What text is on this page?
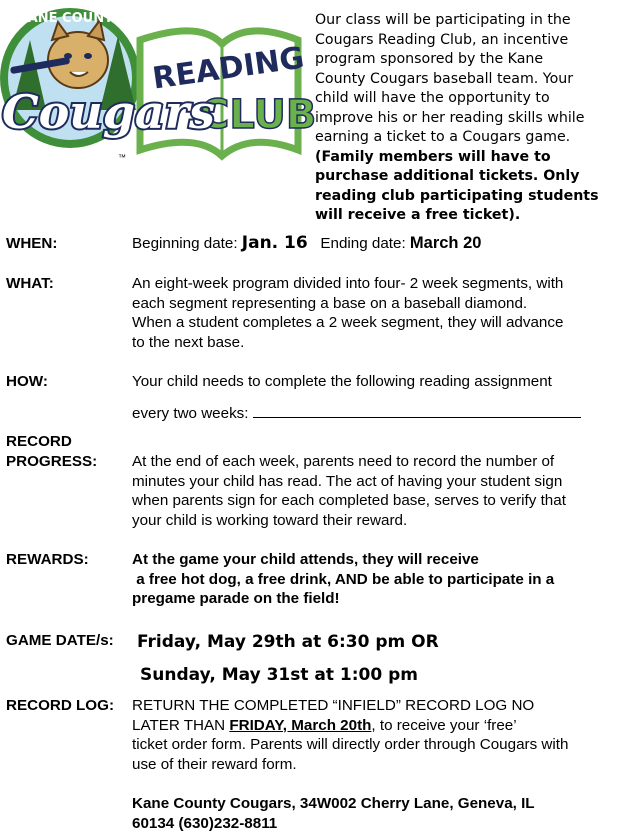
KANE COUNTY
READING
CLUB
Cougars
™
Our class will be participating in the
Cougars Reading Club, an incentive
program sponsored by the Kane
County Cougars baseball team. Your
child will have the opportunity to
improve his or her reading skills while
earning a ticket to a Cougars game.
(Family members will have to
purchase additional tickets. Only
reading club participating students
will receive a free ticket).
WHEN:	Beginning date: Jan. 16 Ending date: March 20
WHAT:	An eight-week program divided into four- 2 week segments, with
each segment representing a base on a baseball diamond.
When a student completes a 2 week segment, they will advance
to the next base.
HOW:	Your child needs to complete the following reading assignment
every two weeks:
RECORD
PROGRESS: At the end of each week, parents need to record the number of
minutes your child has read. The act of having your student sign
when parents sign for each completed base, serves to verify that
your child is working toward their reward.
REWARDS:	At the game your child attends, they will receive
a free hot dog, a free drink, AND be able to participate in a
pregame parade on the field!
GAME DATE/s: Friday, May 29th at 6:30 pm OR
Sunday, May 31st at 1:00 pm
RECORD LOG: RETURN THE COMPLETED “INFIELD” RECORD LOG NO
LATER THAN FRIDAY, March 20th, to receive your ‘free’
ticket order form. Parents will directly order through Cougars with
use of their reward form.
Kane County Cougars, 34W002 Cherry Lane, Geneva, IL
60134 (630)232-8811
